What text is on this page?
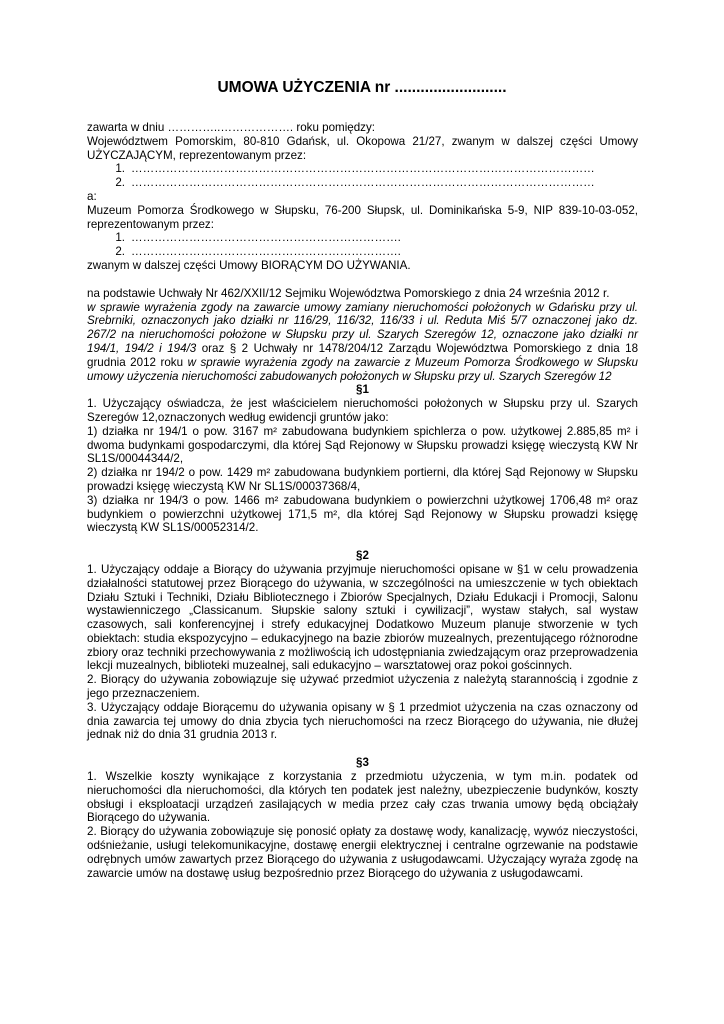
UMOWA UŻYCZENIA nr ..........................

zawarta w dniu …………..………………. roku pomiędzy:

Województwem Pomorskim, 80-810 Gdańsk, ul. Okopowa 21/27, zwanym w dalszej części Umowy UŻYCZAJĄCYM, reprezentowanym przez:

1. …………………………………………………………………………………………………………
2. …………………………………………………………………………………………………………

a:

Muzeum Pomorza Środkowego w Słupsku, 76-200 Słupsk, ul. Dominikańska 5-9, NIP 839-10-03-052, reprezentowanym przez:

1. …………………………………………………………….
2. …………………………………………………………….

zwanym w dalszej części Umowy BIORĄCYM DO UŻYWANIA.

na podstawie Uchwały Nr 462/XXII/12 Sejmiku Województwa Pomorskiego z dnia 24 września 2012 r.

w sprawie wyrażenia zgody na zawarcie umowy zamiany nieruchomości położonych w Gdańsku przy ul. Srebrniki, oznaczonych jako działki nr 116/29, 116/32, 116/33 i ul. Reduta Miś 5/7 oznaczonej jako dz. 267/2 na nieruchomości położone w Słupsku przy ul. Szarych Szeregów 12, oznaczone jako działki nr 194/1, 194/2 i 194/3 oraz § 2 Uchwały nr 1478/204/12 Zarządu Województwa Pomorskiego z dnia 18 grudnia 2012 roku w sprawie wyrażenia zgody na zawarcie z Muzeum Pomorza Środkowego w Słupsku umowy użyczenia nieruchomości zabudowanych położonych w Słupsku przy ul. Szarych Szeregów 12

§1

1. Użyczający oświadcza, że jest właścicielem nieruchomości położonych w Słupsku przy ul. Szarych Szeregów 12,oznaczonych według ewidencji gruntów jako:

1) działka nr 194/1 o pow. 3167 m² zabudowana budynkiem spichlerza o pow. użytkowej 2.885,85 m² i dwoma budynkami gospodarczymi, dla której Sąd Rejonowy w Słupsku prowadzi księgę wieczystą KW Nr SL1S/00044344/2,

2) działka nr 194/2 o pow. 1429 m² zabudowana budynkiem portierni, dla której Sąd Rejonowy w Słupsku prowadzi księgę wieczystą KW Nr SL1S/00037368/4,

3) działka nr 194/3 o pow. 1466 m² zabudowana budynkiem o powierzchni użytkowej 1706,48 m² oraz budynkiem o powierzchni użytkowej 171,5 m², dla której Sąd Rejonowy w Słupsku prowadzi księgę wieczystą KW SL1S/00052314/2.

§2

1. Użyczający oddaje a Biorący do używania przyjmuje nieruchomości opisane w §1 w celu prowadzenia działalności statutowej przez Biorącego do używania, w szczególności na umieszczenie w tych obiektach Działu Sztuki i Techniki, Działu Bibliotecznego i Zbiorów Specjalnych, Działu Edukacji i Promocji, Salonu wystawienniczego „Classicanum. Słupskie salony sztuki i cywilizacji”, wystaw stałych, sal wystaw czasowych, sali konferencyjnej i strefy edukacyjnej Dodatkowo Muzeum planuje stworzenie w tych obiektach: studia ekspozycyjno – edukacyjnego na bazie zbiorów muzealnych, prezentującego różnorodne zbiory oraz techniki przechowywania z możliwością ich udostępniania zwiedzającym oraz przeprowadzenia lekcji muzealnych, biblioteki muzealnej, sali edukacyjno – warsztatowej oraz pokoi gościnnych.

2. Biorący do używania zobowiązuje się używać przedmiot użyczenia z należytą starannością i zgodnie z jego przeznaczeniem.

3. Użyczający oddaje Biorącemu do używania opisany w § 1 przedmiot użyczenia na czas oznaczony od dnia zawarcia tej umowy do dnia zbycia tych nieruchomości na rzecz Biorącego do używania, nie dłużej jednak niż do dnia 31 grudnia 2013 r.

§3

1. Wszelkie koszty wynikające z korzystania z przedmiotu użyczenia, w tym m.in. podatek od nieruchomości dla nieruchomości, dla których ten podatek jest należny, ubezpieczenie budynków, koszty obsługi i eksploatacji urządzeń zasilających w media przez cały czas trwania umowy będą obciążały Biorącego do używania.

2. Biorący do używania zobowiązuje się ponosić opłaty za dostawę wody, kanalizację, wywóz nieczystości, odśnieżanie, usługi telekomunikacyjne, dostawę energii elektrycznej i centralne ogrzewanie na podstawie odrębnych umów zawartych przez Biorącego do używania z usługodawcami. Użyczający wyraża zgodę na zawarcie umów na dostawę usług bezpośrednio przez Biorącego do używania z usługodawcami.
